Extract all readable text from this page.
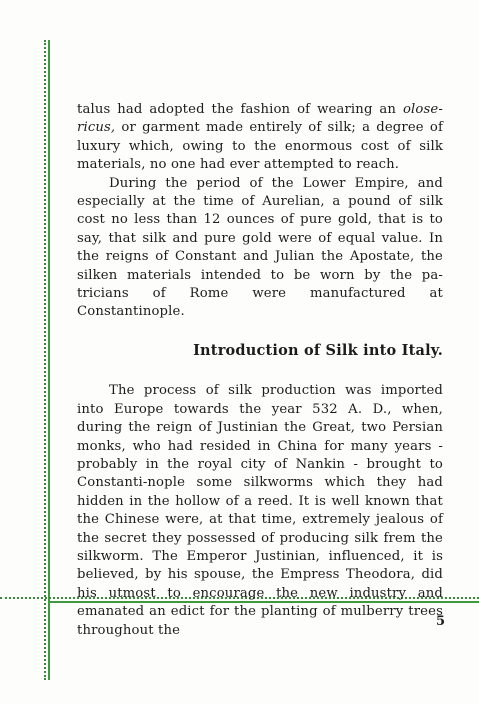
talus had adopted the fashion of wearing an olose-ricus, or garment made entirely of silk; a degree of luxury which, owing to the enormous cost of silk materials, no one had ever attempted to reach.

During the period of the Lower Empire, and especially at the time of Aurelian, a pound of silk cost no less than 12 ounces of pure gold, that is to say, that silk and pure gold were of equal value. In the reigns of Constant and Julian the Apostate, the silken materials intended to be worn by the pa-tricians of Rome were manufactured at Constantinople.

Introduction of Silk into Italy.

The process of silk production was imported into Europe towards the year 532 A. D., when, during the reign of Justinian the Great, two Persian monks, who had resided in China for many years - probably in the royal city of Nankin - brought to Constanti-nople some silkworms which they had hidden in the hollow of a reed. It is well known that the Chinese were, at that time, extremely jealous of the secret they possessed of producing silk frem the silkworm. The Emperor Justinian, influenced, it is believed, by his spouse, the Empress Theodora, did his utmost to encourage the new industry and emanated an edict for the planting of mulberry trees throughout the

5
